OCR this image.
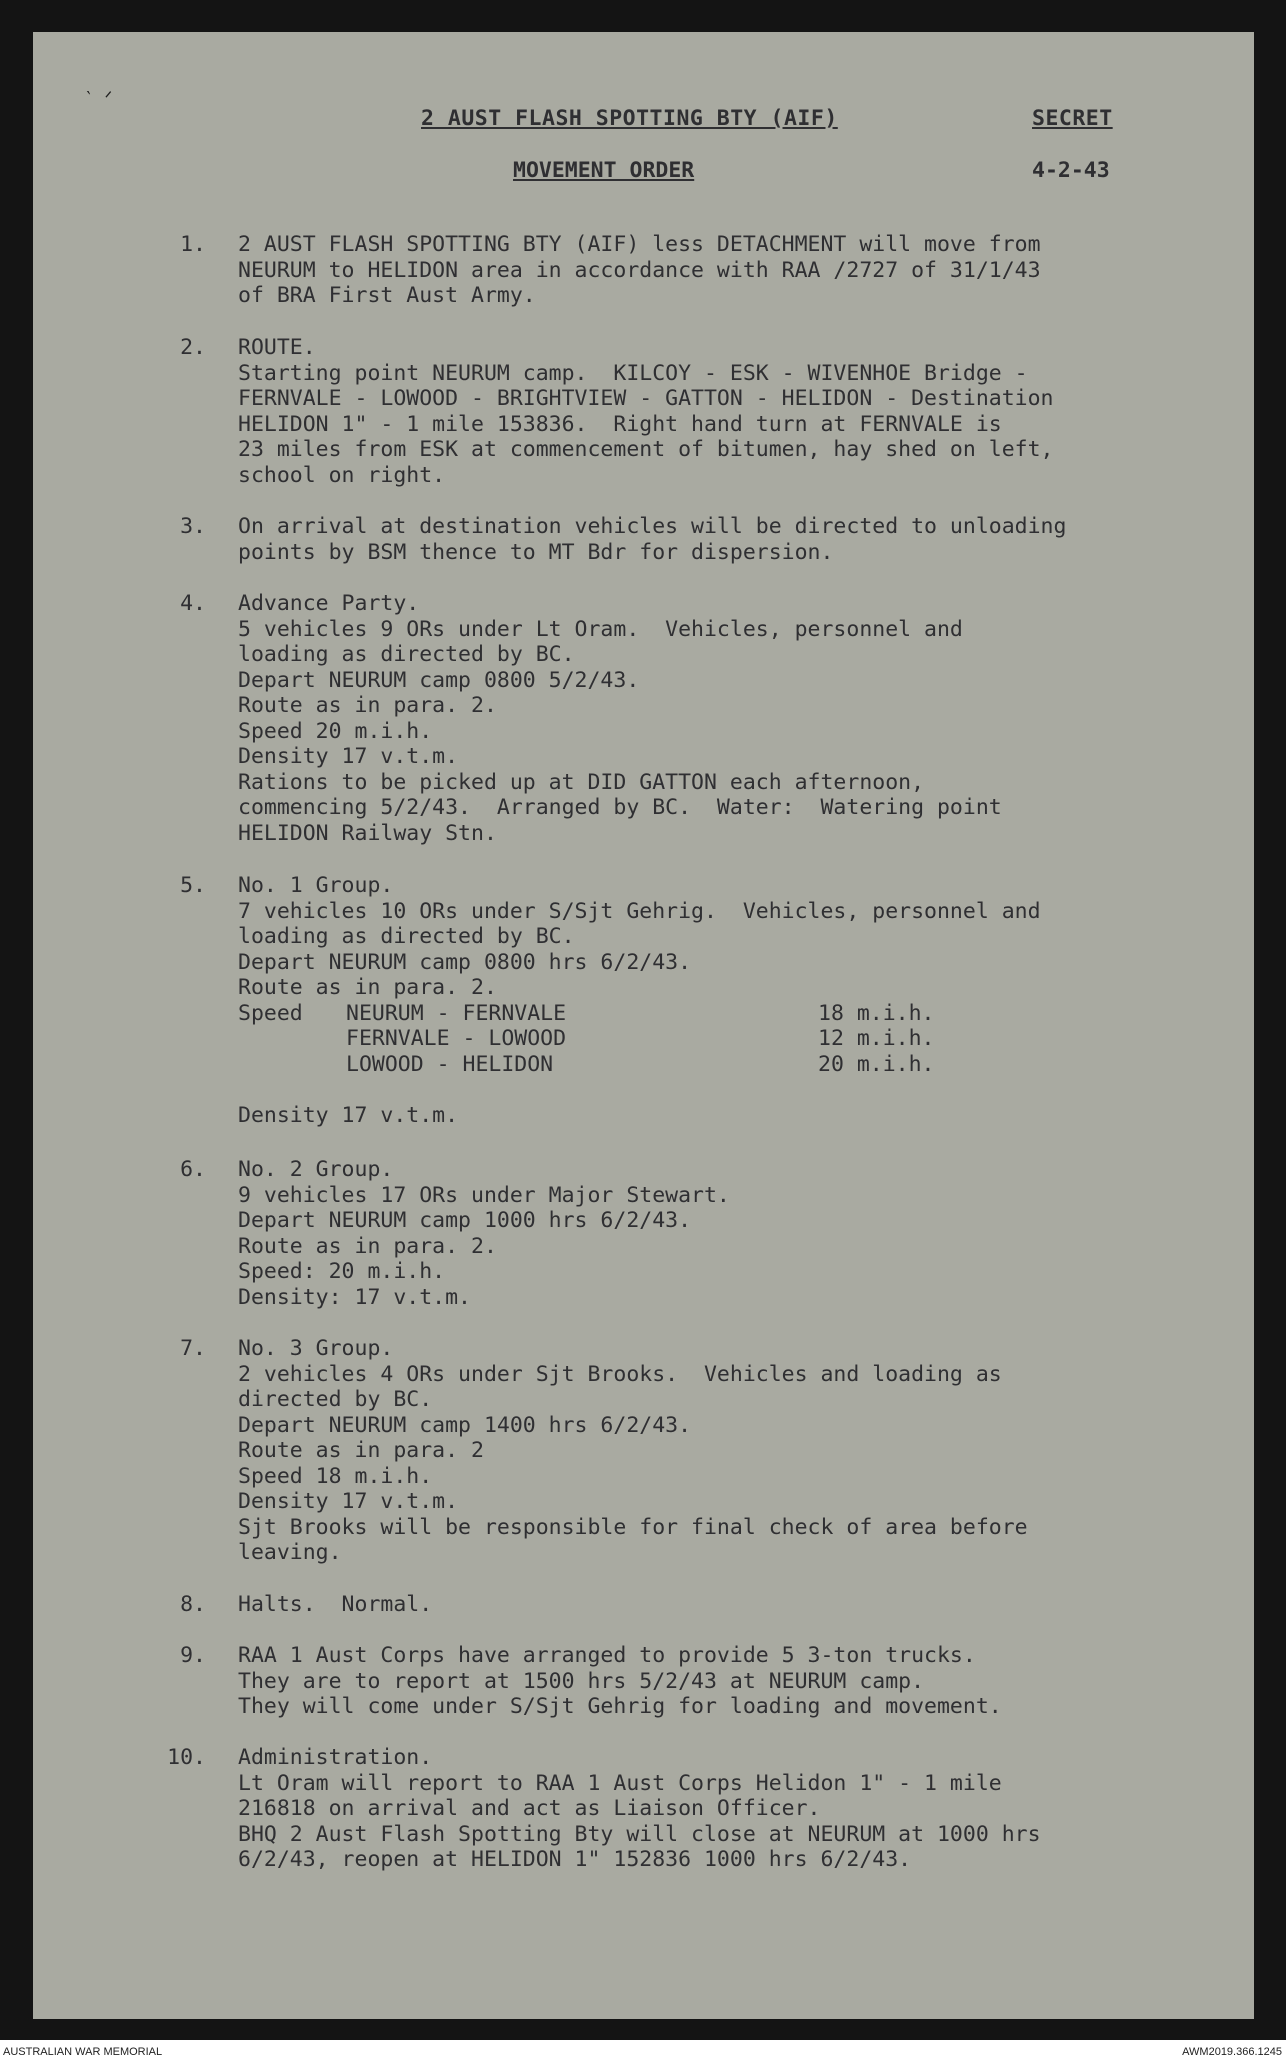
‵ ᐟ
2 AUST FLASH SPOTTING BTY (AIF)	SECRET
MOVEMENT ORDER	4-2-43
1. 2 AUST FLASH SPOTTING BTY (AIF) less DETACHMENT will move from
NEURUM to HELIDON area in accordance with RAA /2727 of 31/1/43
of BRA First Aust Army.
2. ROUTE.
Starting point NEURUM camp.  KILCOY - ESK - WIVENHOE Bridge -
FERNVALE - LOWOOD - BRIGHTVIEW - GATTON - HELIDON - Destination
HELIDON 1" - 1 mile 153836.  Right hand turn at FERNVALE is
23 miles from ESK at commencement of bitumen, hay shed on left,
school on right.
3. On arrival at destination vehicles will be directed to unloading
points by BSM thence to MT Bdr for dispersion.
4. Advance Party.
5 vehicles 9 ORs under Lt Oram.  Vehicles, personnel and
loading as directed by BC.
Depart NEURUM camp 0800 5/2/43.
Route as in para. 2.
Speed 20 m.i.h.
Density 17 v.t.m.
Rations to be picked up at DID GATTON each afternoon,
commencing 5/2/43.  Arranged by BC.  Water:  Watering point
HELIDON Railway Stn.
5. No. 1 Group.
7 vehicles 10 ORs under S/Sjt Gehrig.  Vehicles, personnel and
loading as directed by BC.
Depart NEURUM camp 0800 hrs 6/2/43.
Route as in para. 2.
Speed NEURUM - FERNVALE	18 m.i.h.
FERNVALE - LOWOOD	12 m.i.h.
LOWOOD - HELIDON	20 m.i.h.
Density 17 v.t.m.
6. No. 2 Group.
9 vehicles 17 ORs under Major Stewart.
Depart NEURUM camp 1000 hrs 6/2/43.
Route as in para. 2.
Speed: 20 m.i.h.
Density: 17 v.t.m.
7. No. 3 Group.
2 vehicles 4 ORs under Sjt Brooks.  Vehicles and loading as
directed by BC.
Depart NEURUM camp 1400 hrs 6/2/43.
Route as in para. 2
Speed 18 m.i.h.
Density 17 v.t.m.
Sjt Brooks will be responsible for final check of area before
leaving.
8. Halts.  Normal.
9. RAA 1 Aust Corps have arranged to provide 5 3-ton trucks.
They are to report at 1500 hrs 5/2/43 at NEURUM camp.
They will come under S/Sjt Gehrig for loading and movement.
10. Administration.
Lt Oram will report to RAA 1 Aust Corps Helidon 1" - 1 mile
216818 on arrival and act as Liaison Officer.
BHQ 2 Aust Flash Spotting Bty will close at NEURUM at 1000 hrs
6/2/43, reopen at HELIDON 1" 152836 1000 hrs 6/2/43.
AUSTRALIAN WAR MEMORIAL	AWM2019.366.1245
